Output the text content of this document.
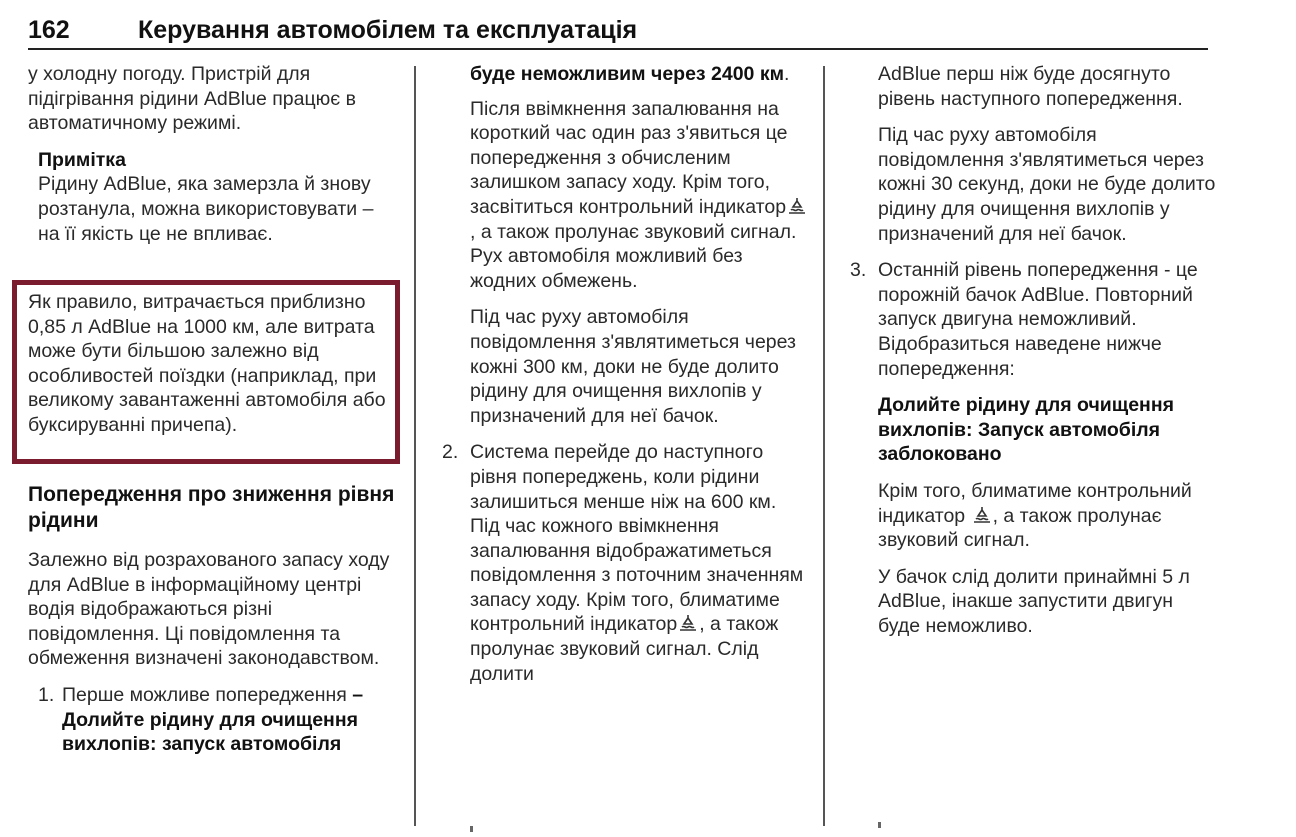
162	Керування автомобілем та експлуатація

у холодну погоду. Пристрій для підігрівання рідини AdBlue працює в автоматичному режимі.

Примітка
Рідину AdBlue, яка замерзла й знову розтанула, можна використовувати – на її якість це не впливає.
Як правило, витрачається приблизно 0,85 л AdBlue на 1000 км, але витрата може бути більшою залежно від особливостей поїздки (наприклад, при великому завантаженні автомобіля або буксируванні причепа).
Попередження про зниження рівня рідини

Залежно від розрахованого запасу ходу для AdBlue в інформаційному центрі водія відображаються різні повідомлення. Ці повідомлення та обмеження визначені законодавством.

1. Перше можливе попередження – Долийте рідину для очищення вихлопів: запуск автомобіля

буде неможливим через 2400 км.

Після ввімкнення запалювання на короткий час один раз з'явиться це попередження з обчисленим залишком запасу ходу. Крім того, засвітиться контрольний індикатор, а також пролунає звуковий сигнал. Рух автомобіля можливий без жодних обмежень.

Під час руху автомобіля повідомлення з'являтиметься через кожні 300 км, доки не буде долито рідину для очищення вихлопів у призначений для неї бачок.

2. Система перейде до наступного рівня попереджень, коли рідини залишиться менше ніж на 600 км. Під час кожного ввімкнення запалювання відображатиметься повідомлення з поточним значенням запасу ходу. Крім того, блиматиме контрольний індикатор , а також пролунає звуковий сигнал. Слід долити

AdBlue перш ніж буде досягнуто рівень наступного попередження.

Під час руху автомобіля повідомлення з'являтиметься через кожні 30 секунд, доки не буде долито рідину для очищення вихлопів у призначений для неї бачок.

3. Останній рівень попередження - це порожній бачок AdBlue. Повторний запуск двигуна неможливий. Відобразиться наведене нижче попередження:

Долийте рідину для очищення вихлопів: Запуск автомобіля заблоковано

Крім того, блиматиме контрольний індикатор , а також пролунає звуковий сигнал.

У бачок слід долити принаймні 5 л AdBlue, інакше запустити двигун буде неможливо.
